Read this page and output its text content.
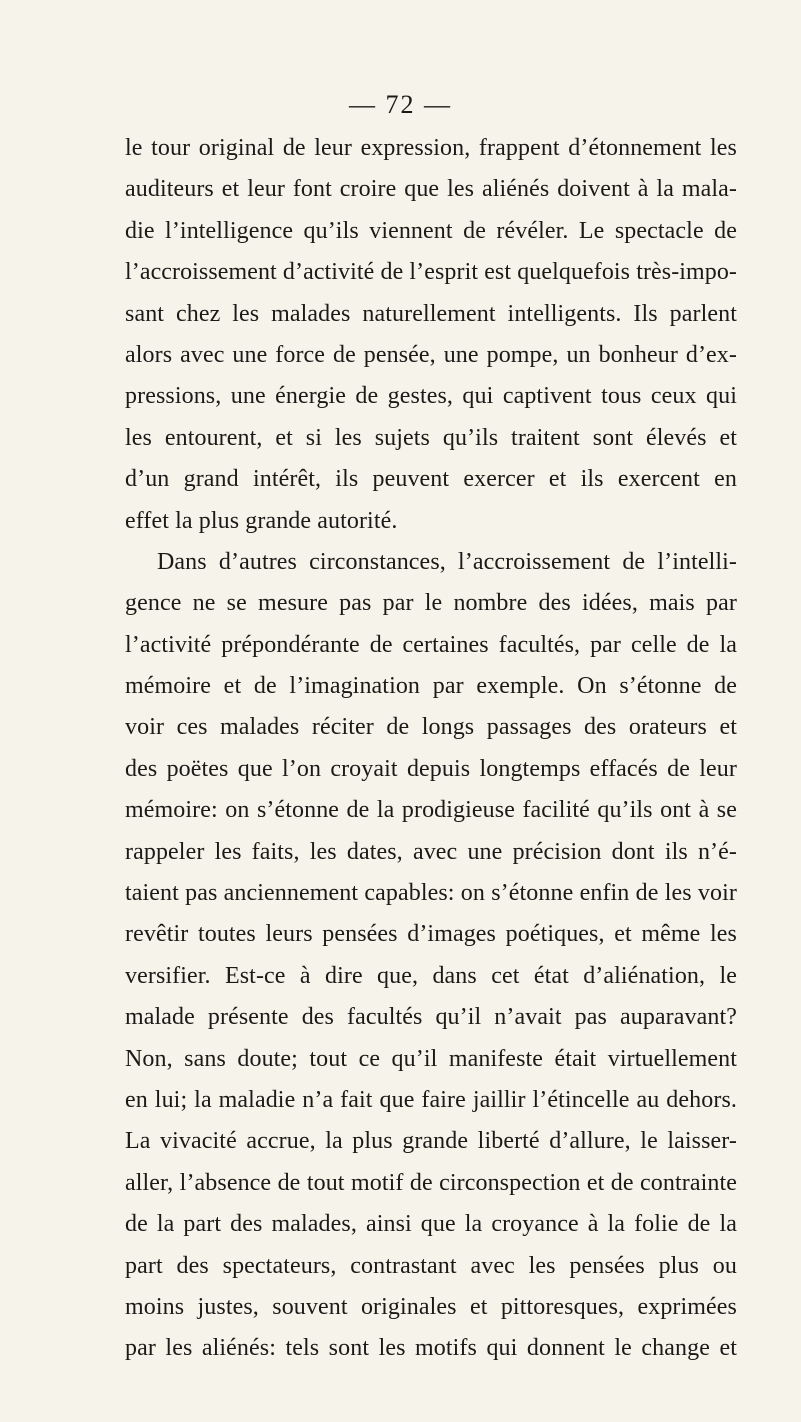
— 72 —
le tour original de leur expression, frappent d’étonnement les
auditeurs et leur font croire que les aliénés doivent à la mala-
die l’intelligence qu’ils viennent de révéler. Le spectacle de
l’accroissement d’activité de l’esprit est quelquefois très-impo-
sant chez les malades naturellement intelligents. Ils parlent
alors avec une force de pensée, une pompe, un bonheur d’ex-
pressions, une énergie de gestes, qui captivent tous ceux qui
les entourent, et si les sujets qu’ils traitent sont élevés et
d’un grand intérêt, ils peuvent exercer et ils exercent en
effet la plus grande autorité.
Dans d’autres circonstances, l’accroissement de l’intelli-
gence ne se mesure pas par le nombre des idées, mais par
l’activité prépondérante de certaines facultés, par celle de la
mémoire et de l’imagination par exemple. On s’étonne de
voir ces malades réciter de longs passages des orateurs et
des poëtes que l’on croyait depuis longtemps effacés de leur
mémoire: on s’étonne de la prodigieuse facilité qu’ils ont à se
rappeler les faits, les dates, avec une précision dont ils n’é-
taient pas anciennement capables: on s’étonne enfin de les voir
revêtir toutes leurs pensées d’images poétiques, et même les
versifier. Est-ce à dire que, dans cet état d’aliénation, le
malade présente des facultés qu’il n’avait pas auparavant?
Non, sans doute; tout ce qu’il manifeste était virtuellement
en lui; la maladie n’a fait que faire jaillir l’étincelle au dehors.
La vivacité accrue, la plus grande liberté d’allure, le laisser-
aller, l’absence de tout motif de circonspection et de contrainte
de la part des malades, ainsi que la croyance à la folie de la
part des spectateurs, contrastant avec les pensées plus ou
moins justes, souvent originales et pittoresques, exprimées
par les aliénés: tels sont les motifs qui donnent le change et
